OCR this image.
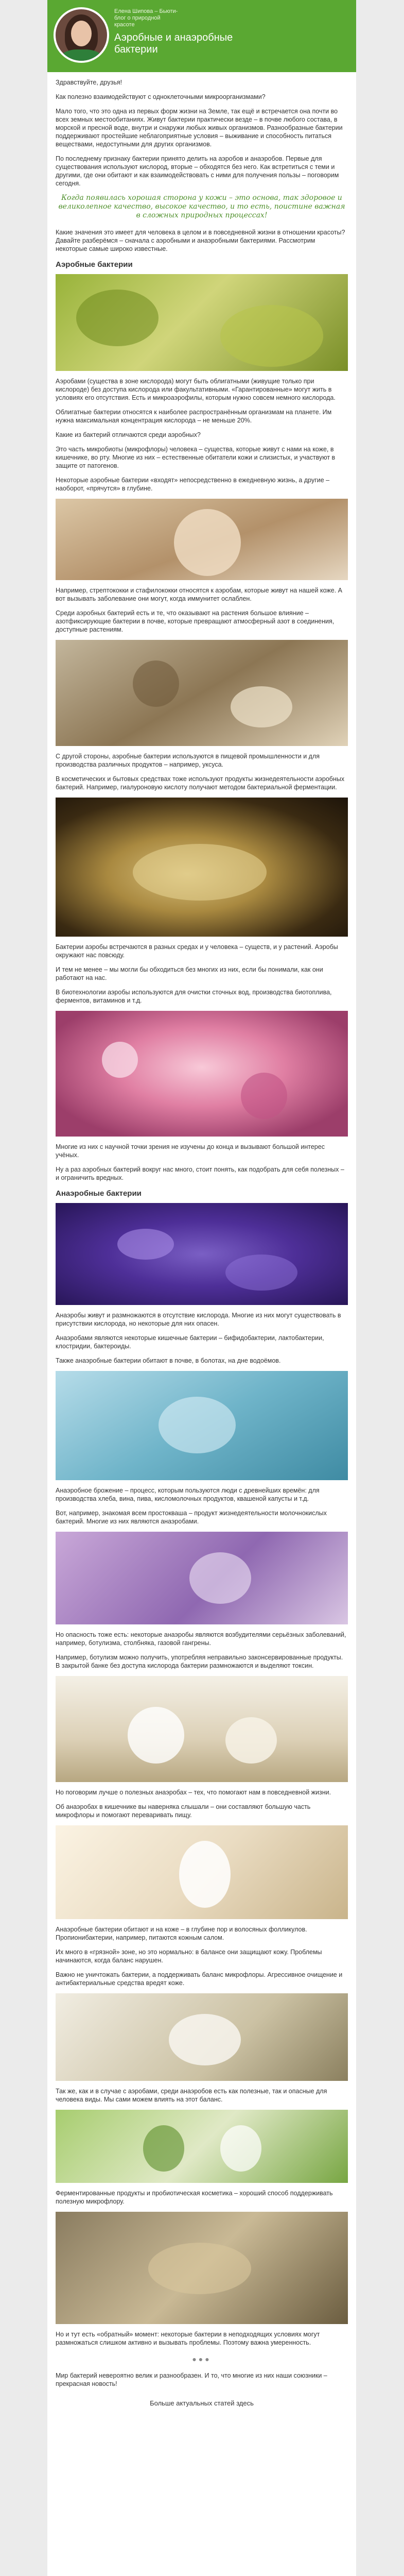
Елена Шипова – Бьюти-блог о природной красоте
Аэробные и анаэробные бактерии

Здравствуйте, друзья!

Как полезно взаимодействуют с одноклеточными микроорганизмами?

Мало того, что это одна из первых форм жизни на Земле, так ещё и встречается она почти во всех земных местообитаниях. Живут бактерии практически везде – в почве любого состава, в морской и пресной воде, внутри и снаружи любых живых организмов. Разнообразные бактерии поддерживают простейшие неблагоприятные условия – выживание и способность питаться веществами, недоступными для других организмов.

По последнему признаку бактерии принято делить на аэробов и анаэробов. Первые для существования используют кислород, вторые – обходятся без него. Как встретиться с теми и другими, где они обитают и как взаимодействовать с ними для получения пользы – поговорим сегодня.

Когда появилась хорошая сторона у кожи – это основа, так здоровое и великолепное качество, высокое качество, и то есть, поистине важная в сложных природных процессах!

Какие значения это имеет для человека в целом и в повседневной жизни в отношении красоты? Давайте разберёмся – сначала с аэробными и анаэробными бактериями. Рассмотрим некоторые самые широко известные.

Аэробные бактерии

Аэробами (существа в зоне кислорода) могут быть облигатными (живущие только при кислороде) без доступа кислорода или факультативными. «Гарантированные» могут жить в условиях его отсутствия. Есть и микроаэрофилы, которым нужно совсем немного кислорода.

Облигатные бактерии относятся к наиболее распространённым организмам на планете. Им нужна максимальная концентрация кислорода – не меньше 20%.

Какие из бактерий отличаются среди аэробных?

Это часть микробиоты (микрофлоры) человека – существа, которые живут с нами на коже, в кишечнике, во рту. Многие из них – естественные обитатели кожи и слизистых, и участвуют в защите от патогенов.

Некоторые аэробные бактерии «входят» непосредственно в ежедневную жизнь, а другие – наоборот, «прячутся» в глубине.

Например, стрептококки и стафилококки относятся к аэробам, которые живут на нашей коже. А вот вызывать заболевание они могут, когда иммунитет ослаблен.

Среди аэробных бактерий есть и те, что оказывают на растения большое влияние – азотфиксирующие бактерии в почве, которые превращают атмосферный азот в соединения, доступные растениям.

С другой стороны, аэробные бактерии используются в пищевой промышленности и для производства различных продуктов – например, уксуса.

В косметических и бытовых средствах тоже используют продукты жизнедеятельности аэробных бактерий. Например, гиалуроновую кислоту получают методом бактериальной ферментации.

Бактерии аэробы встречаются в разных средах и у человека – существ, и у растений. Аэробы окружают нас повсюду.

И тем не менее – мы могли бы обходиться без многих из них, если бы понимали, как они работают на нас.

В биотехнологии аэробы используются для очистки сточных вод, производства биотоплива, ферментов, витаминов и т.д.

Многие из них с научной точки зрения не изучены до конца и вызывают большой интерес учёных.

Ну а раз аэробных бактерий вокруг нас много, стоит понять, как подобрать для себя полезных – и ограничить вредных.

Анаэробные бактерии

Анаэробы живут и размножаются в отсутствие кислорода. Многие из них могут существовать в присутствии кислорода, но некоторые для них опасен.

Анаэробами являются некоторые кишечные бактерии – бифидобактерии, лактобактерии, клостридии, бактероиды.

Также анаэробные бактерии обитают в почве, в болотах, на дне водоёмов.

Анаэробное брожение – процесс, которым пользуются люди с древнейших времён: для производства хлеба, вина, пива, кисломолочных продуктов, квашеной капусты и т.д.

Вот, например, знакомая всем простокваша – продукт жизнедеятельности молочнокислых бактерий. Многие из них являются анаэробами.

Но опасность тоже есть: некоторые анаэробы являются возбудителями серьёзных заболеваний, например, ботулизма, столбняка, газовой гангрены.

Например, ботулизм можно получить, употребляя неправильно законсервированные продукты. В закрытой банке без доступа кислорода бактерии размножаются и выделяют токсин.

Но поговорим лучше о полезных анаэробах – тех, что помогают нам в повседневной жизни.

Об анаэробах в кишечнике вы наверняка слышали – они составляют большую часть микрофлоры и помогают переваривать пищу.

Анаэробные бактерии обитают и на коже – в глубине пор и волосяных фолликулов. Пропионибактерии, например, питаются кожным салом.

Их много в «грязной» зоне, но это нормально: в балансе они защищают кожу. Проблемы начинаются, когда баланс нарушен.

Важно не уничтожать бактерии, а поддерживать баланс микрофлоры. Агрессивное очищение и антибактериальные средства вредят коже.

Так же, как и в случае с аэробами, среди анаэробов есть как полезные, так и опасные для человека виды. Мы сами можем влиять на этот баланс.

Ферментированные продукты и пробиотическая косметика – хороший способ поддерживать полезную микрофлору.

Но и тут есть «обратный» момент: некоторые бактерии в неподходящих условиях могут размножаться слишком активно и вызывать проблемы. Поэтому важна умеренность.

●●●

Мир бактерий невероятно велик и разнообразен. И то, что многие из них наши союзники – прекрасная новость!

Больше актуальных статей здесь
